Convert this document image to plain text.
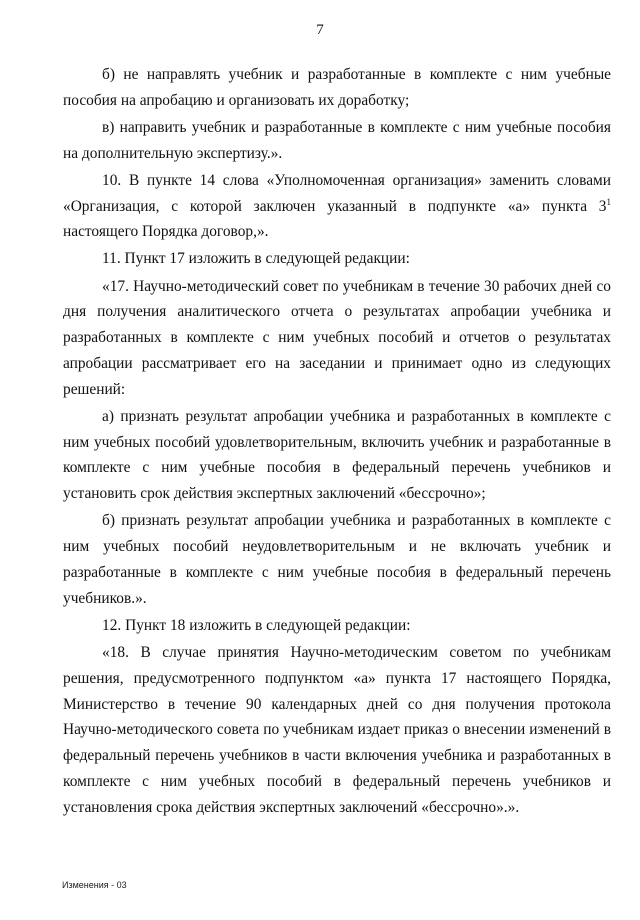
7

б) не направлять учебник и разработанные в комплекте с ним учебные пособия на апробацию и организовать их доработку;

в) направить учебник и разработанные в комплекте с ним учебные пособия на дополнительную экспертизу.».

10. В пункте 14 слова «Уполномоченная организация» заменить словами «Организация, с которой заключен указанный в подпункте «а» пункта $3^1$ настоящего Порядка договор,».

11. Пункт 17 изложить в следующей редакции:

«17. Научно-методический совет по учебникам в течение 30 рабочих дней со дня получения аналитического отчета о результатах апробации учебника и разработанных в комплекте с ним учебных пособий и отчетов о результатах апробации рассматривает его на заседании и принимает одно из следующих решений:

а) признать результат апробации учебника и разработанных в комплекте с ним учебных пособий удовлетворительным, включить учебник и разработанные в комплекте с ним учебные пособия в федеральный перечень учебников и установить срок действия экспертных заключений «бессрочно»;

б) признать результат апробации учебника и разработанных в комплекте с ним учебных пособий неудовлетворительным и не включать учебник и разработанные в комплекте с ним учебные пособия в федеральный перечень учебников.».

12. Пункт 18 изложить в следующей редакции:

«18. В случае принятия Научно-методическим советом по учебникам решения, предусмотренного подпунктом «а» пункта 17 настоящего Порядка, Министерство в течение 90 календарных дней со дня получения протокола Научно-методического совета по учебникам издает приказ о внесении изменений в федеральный перечень учебников в части включения учебника и разработанных в комплекте с ним учебных пособий в федеральный перечень учебников и установления срока действия экспертных заключений «бессрочно».».

Изменения - 03
